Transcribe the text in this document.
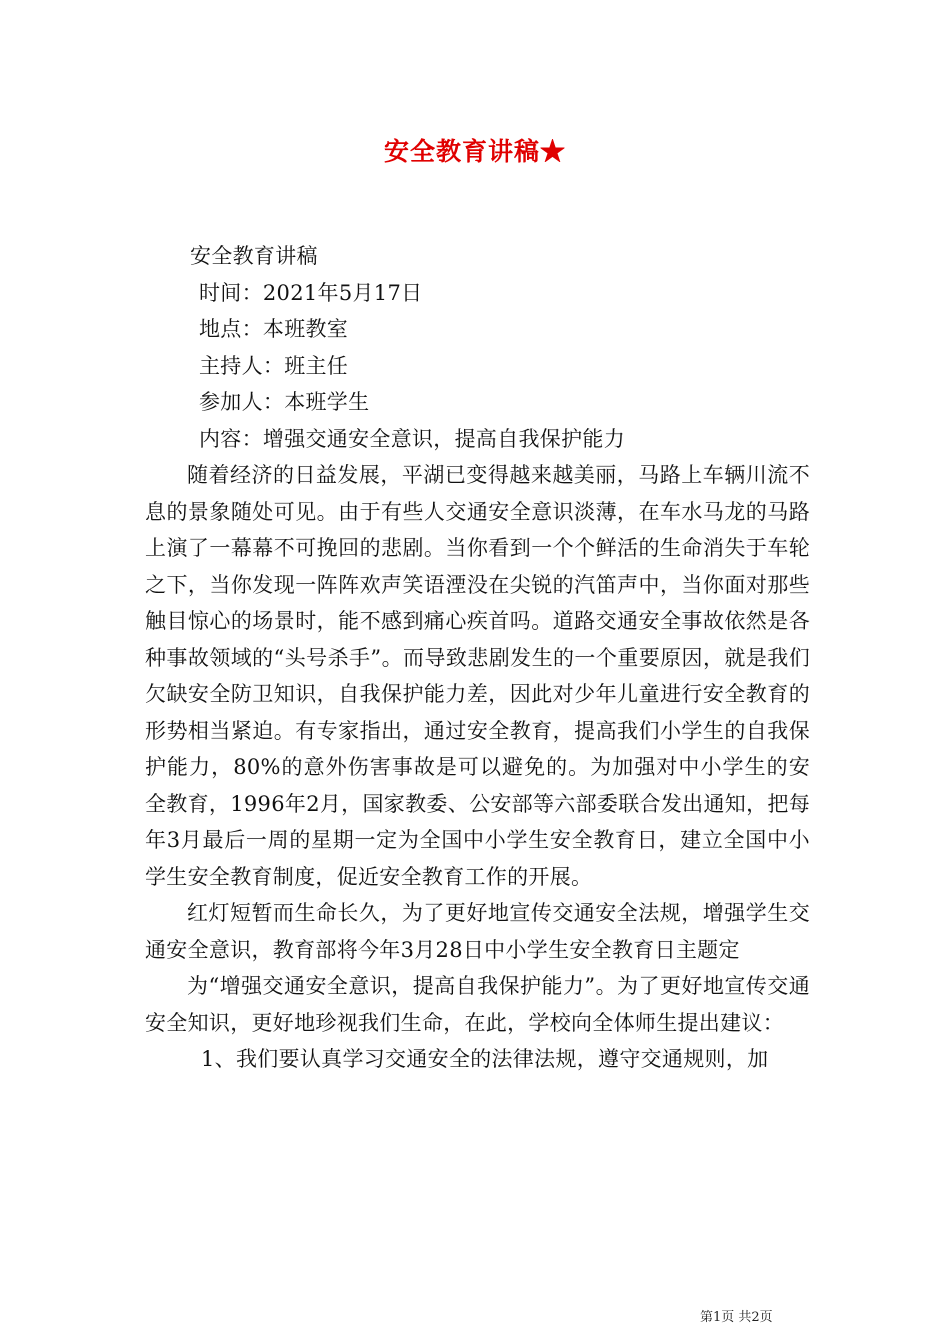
安全教育讲稿★

安全教育讲稿

时间：2021年5月17日

地点：本班教室

主持人：班主任

参加人：本班学生

内容：增强交通安全意识，提高自我保护能力

随着经济的日益发展，平湖已变得越来越美丽，马路上车辆川流不息的景象随处可见。由于有些人交通安全意识淡薄，在车水马龙的马路上演了一幕幕不可挽回的悲剧。当你看到一个个鲜活的生命消失于车轮之下，当你发现一阵阵欢声笑语湮没在尖锐的汽笛声中，当你面对那些触目惊心的场景时，能不感到痛心疾首吗。道路交通安全事故依然是各种事故领域的“头号杀手”。而导致悲剧发生的一个重要原因，就是我们欠缺安全防卫知识，自我保护能力差，因此对少年儿童进行安全教育的形势相当紧迫。有专家指出，通过安全教育，提高我们小学生的自我保护能力，80%的意外伤害事故是可以避免的。为加强对中小学生的安全教育，1996年2月，国家教委、公安部等六部委联合发出通知，把每年3月最后一周的星期一定为全国中小学生安全教育日，建立全国中小学生安全教育制度，促近安全教育工作的开展。

红灯短暂而生命长久，为了更好地宣传交通安全法规，增强学生交通安全意识，教育部将今年3月28日中小学生安全教育日主题定

为“增强交通安全意识，提高自我保护能力”。为了更好地宣传交通安全知识，更好地珍视我们生命，在此，学校向全体师生提出建议：

1、我们要认真学习交通安全的法律法规，遵守交通规则，加

第1页 共2页
